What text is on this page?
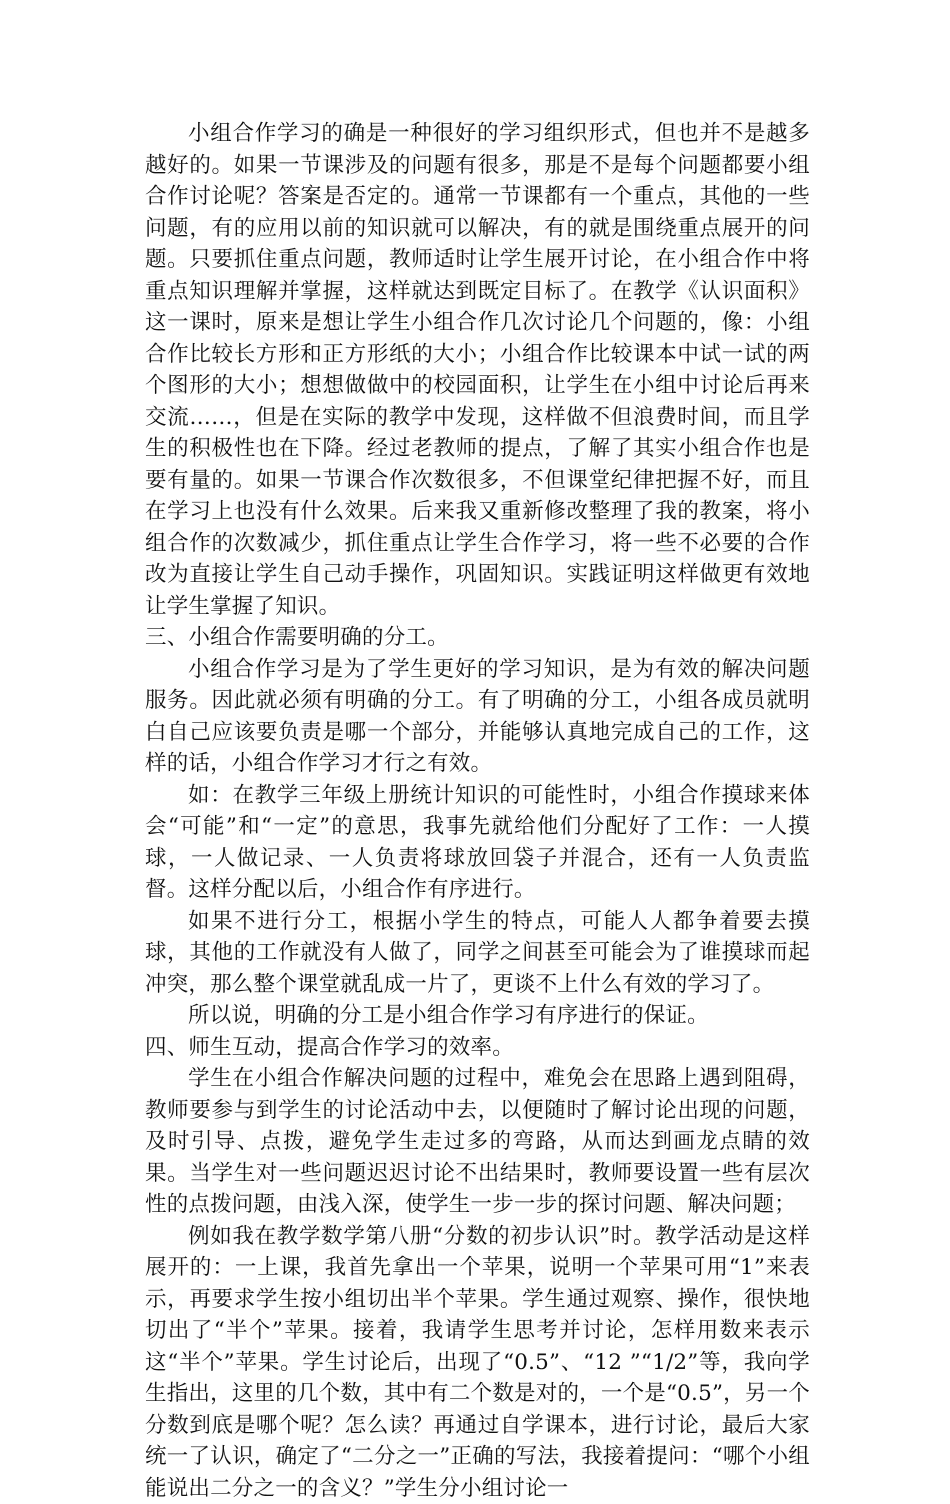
小组合作学习的确是一种很好的学习组织形式，但也并不是越多越好的。如果一节课涉及的问题有很多，那是不是每个问题都要小组合作讨论呢？答案是否定的。通常一节课都有一个重点，其他的一些问题，有的应用以前的知识就可以解决，有的就是围绕重点展开的问题。只要抓住重点问题，教师适时让学生展开讨论，在小组合作中将重点知识理解并掌握，这样就达到既定目标了。在教学《认识面积》这一课时，原来是想让学生小组合作几次讨论几个问题的，像：小组合作比较长方形和正方形纸的大小；小组合作比较课本中试一试的两个图形的大小；想想做做中的校园面积，让学生在小组中讨论后再来交流……，但是在实际的教学中发现，这样做不但浪费时间，而且学生的积极性也在下降。经过老教师的提点，了解了其实小组合作也是要有量的。如果一节课合作次数很多，不但课堂纪律把握不好，而且在学习上也没有什么效果。后来我又重新修改整理了我的教案，将小组合作的次数减少，抓住重点让学生合作学习，将一些不必要的合作改为直接让学生自己动手操作，巩固知识。实践证明这样做更有效地让学生掌握了知识。

三、小组合作需要明确的分工。

小组合作学习是为了学生更好的学习知识，是为有效的解决问题服务。因此就必须有明确的分工。有了明确的分工，小组各成员就明白自己应该要负责是哪一个部分，并能够认真地完成自己的工作，这样的话，小组合作学习才行之有效。

如：在教学三年级上册统计知识的可能性时，小组合作摸球来体会“可能”和“一定”的意思，我事先就给他们分配好了工作：一人摸球，一人做记录、一人负责将球放回袋子并混合，还有一人负责监督。这样分配以后，小组合作有序进行。

如果不进行分工，根据小学生的特点，可能人人都争着要去摸球，其他的工作就没有人做了，同学之间甚至可能会为了谁摸球而起冲突，那么整个课堂就乱成一片了，更谈不上什么有效的学习了。

所以说，明确的分工是小组合作学习有序进行的保证。

四、师生互动，提高合作学习的效率。

学生在小组合作解决问题的过程中，难免会在思路上遇到阻碍，教师要参与到学生的讨论活动中去，以便随时了解讨论出现的问题，及时引导、点拨，避免学生走过多的弯路，从而达到画龙点睛的效果。当学生对一些问题迟迟讨论不出结果时，教师要设置一些有层次性的点拨问题，由浅入深，使学生一步一步的探讨问题、解决问题；

例如我在教学数学第八册“分数的初步认识”时。教学活动是这样展开的：一上课，我首先拿出一个苹果，说明一个苹果可用“1”来表示，再要求学生按小组切出半个苹果。学生通过观察、操作，很快地切出了“半个”苹果。接着，我请学生思考并讨论，怎样用数来表示这“半个”苹果。学生讨论后，出现了“0.5”、“12 ”“1/2”等，我向学生指出，这里的几个数，其中有二个数是对的，一个是“0.5”，另一个分数到底是哪个呢？怎么读？再通过自学课本，进行讨论，最后大家统一了认识，确定了“二分之一”正确的写法，我接着提问：“哪个小组能说出二分之一的含义？”学生分小组讨论一
